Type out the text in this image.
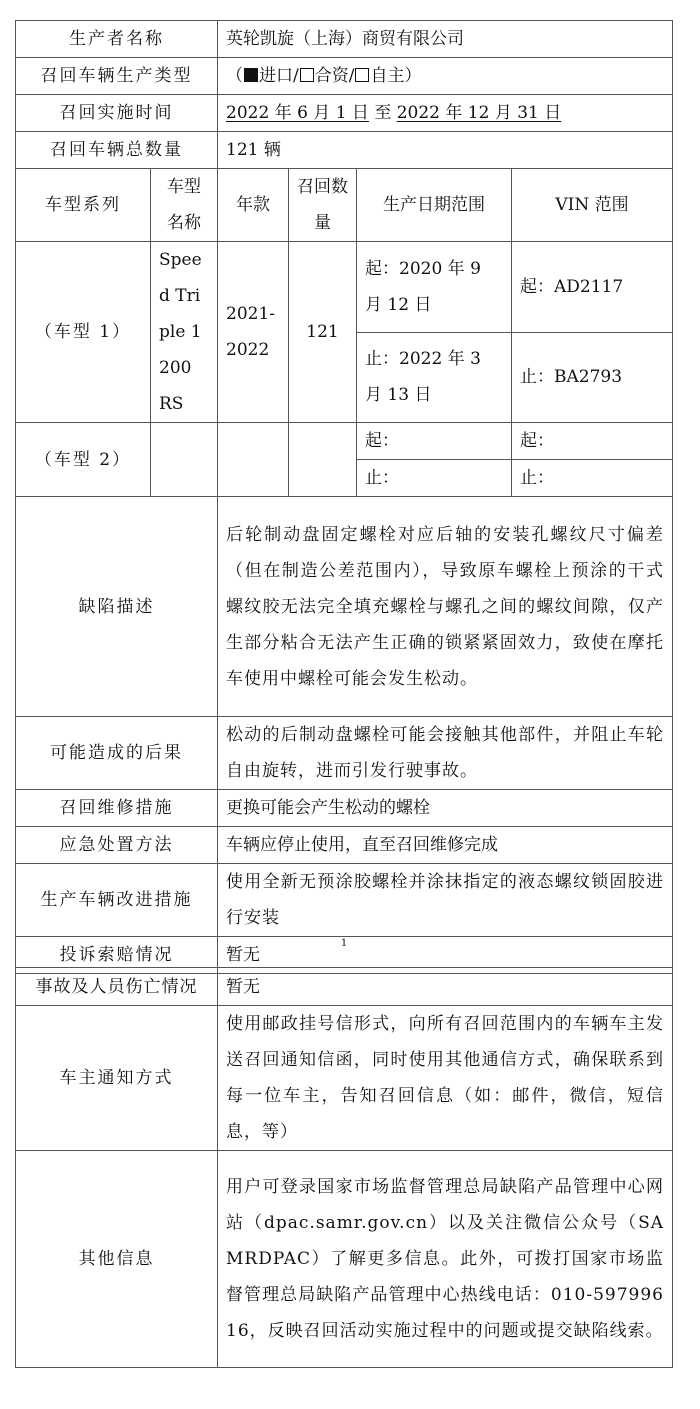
生产者名称		英轮凯旋（上海）商贸有限公司			
召回车辆生产类型		（ 进口/ 合资/ 自主）			
召回实施时间		2022 年 6 月 1 日 至 2022 年 12 月 31 日			
召回车辆总数量		121 辆			
车型系列	车型名称	年款	召回数量	生产日期范围	VIN 范围
（车型 1）	Speed Triple 1200 RS	2021-2022	121	起：2020 年 9 月 12 日	起：AD2117
				止：2022 年 3 月 13 日	止：BA2793
（车型 2）				起：	起：
				止：	止：
缺陷描述		后轮制动盘固定螺栓对应后轴的安装孔螺纹尺寸偏差（但在制造公差范围内），导致原车螺栓上预涂的干式螺纹胶无法完全填充螺栓与螺孔之间的螺纹间隙，仅产生部分粘合无法产生正确的锁紧紧固效力，致使在摩托车使用中螺栓可能会发生松动。			
可能造成的后果		松动的后制动盘螺栓可能会接触其他部件，并阻止车轮自由旋转，进而引发行驶事故。			
召回维修措施		更换可能会产生松动的螺栓			
应急处置方法		车辆应停止使用，直至召回维修完成			
生产车辆改进措施		使用全新无预涂胶螺栓并涂抹指定的液态螺纹锁固胶进行安装			
投诉索赔情况		暂无			
1
事故及人员伤亡情况	暂无
车主通知方式	使用邮政挂号信形式，向所有召回范围内的车辆车主发送召回通知信函，同时使用其他通信方式，确保联系到每一位车主，告知召回信息（如：邮件，微信，短信息，等）
其他信息	用户可登录国家市场监督管理总局缺陷产品管理中心网站（dpac.samr.gov.cn）以及关注微信公众号（SAMRDPAC）了解更多信息。此外，可拨打国家市场监督管理总局缺陷产品管理中心热线电话：010-59799616，反映召回活动实施过程中的问题或提交缺陷线索。
